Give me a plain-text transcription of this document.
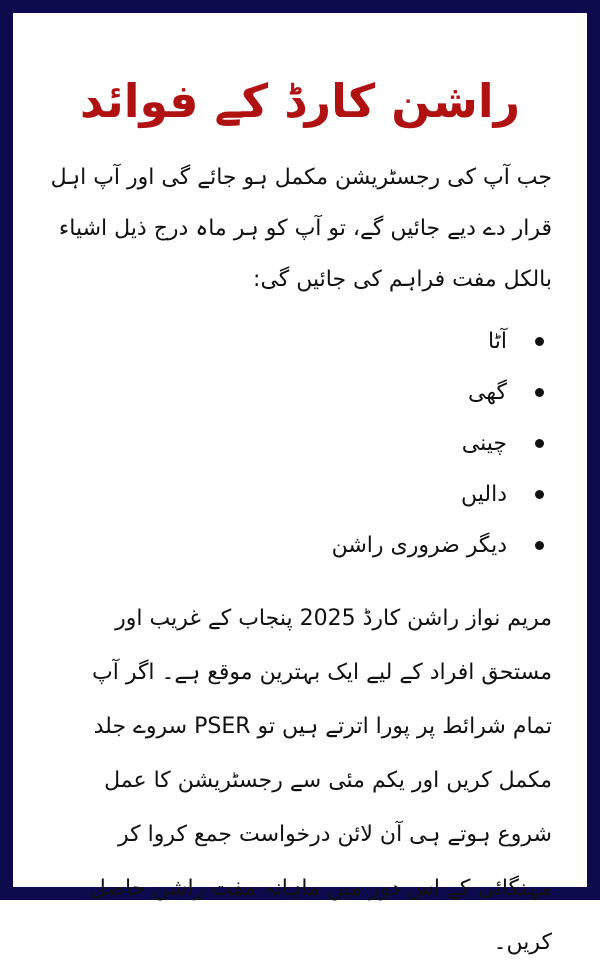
راشن کارڈ کے فوائد
جب آپ کی رجسٹریشن مکمل ہو جائے گی اور آپ اہل قرار دے دیے جائیں گے، تو آپ کو ہر ماہ درج ذیل اشیاء بالکل مفت فراہم کی جائیں گی:
آٹا
گھی
چینی
دالیں
دیگر ضروری راشن
مریم نواز راشن کارڈ 2025 پنجاب کے غریب اور مستحق افراد کے لیے ایک بہترین موقع ہے۔ اگر آپ تمام شرائط پر پورا اترتے ہیں تو PSER سروے جلد مکمل کریں اور یکم مئی سے رجسٹریشن کا عمل شروع ہوتے ہی آن لائن درخواست جمع کروا کر مہنگائی کے اس دور میں ماہانہ مفت راشن حاصل کریں۔
